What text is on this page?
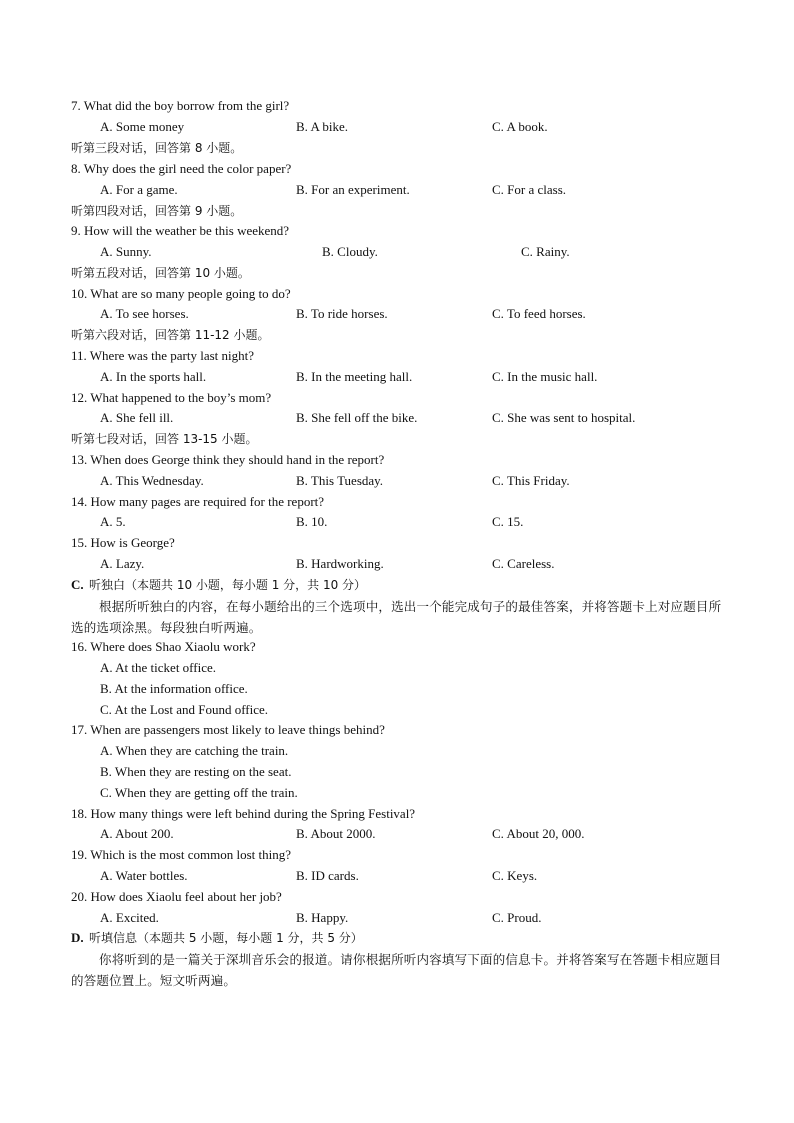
7. What did the boy borrow from the girl?
A. Some money	B. A bike.	C. A book.
听第三段对话，回答第 8 小题。
8. Why does the girl need the color paper?
A. For a game.	B. For an experiment.	C. For a class.
听第四段对话，回答第 9 小题。
9. How will the weather be this weekend?
A. Sunny.	B. Cloudy.	C. Rainy.
听第五段对话，回答第 10 小题。
10. What are so many people going to do?
A. To see horses.	B. To ride horses.	C. To feed horses.
听第六段对话，回答第 11-12 小题。
11. Where was the party last night?
A. In the sports hall.	B. In the meeting hall.	C. In the music hall.
12. What happened to the boy’s mom?
A. She fell ill.	B. She fell off the bike.	C. She was sent to hospital.
听第七段对话，回答 13-15 小题。
13. When does George think they should hand in the report?
A. This Wednesday.	B. This Tuesday.	C. This Friday.
14. How many pages are required for the report?
A. 5.	B. 10.	C. 15.
15. How is George?
A. Lazy.	B. Hardworking.	C. Careless.
C. 听独白（本题共 10 小题，每小题 1 分，共 10 分）
根据所听独白的内容，在每小题给出的三个选项中，选出一个能完成句子的最佳答案，并将答题卡上对应题目所选的选项涂黑。每段独白听两遍。
16. Where does Shao Xiaolu work?
A. At the ticket office.
B. At the information office.
C. At the Lost and Found office.
17. When are passengers most likely to leave things behind?
A. When they are catching the train.
B. When they are resting on the seat.
C. When they are getting off the train.
18. How many things were left behind during the Spring Festival?
A. About 200.	B. About 2000.	C. About 20, 000.
19. Which is the most common lost thing?
A. Water bottles.	B. ID cards.	C. Keys.
20. How does Xiaolu feel about her job?
A. Excited.	B. Happy.	C. Proud.
D. 听填信息（本题共 5 小题，每小题 1 分，共 5 分）
你将听到的是一篇关于深圳音乐会的报道。请你根据所听内容填写下面的信息卡。并将答案写在答题卡相应题目的答题位置上。短文听两遍。
